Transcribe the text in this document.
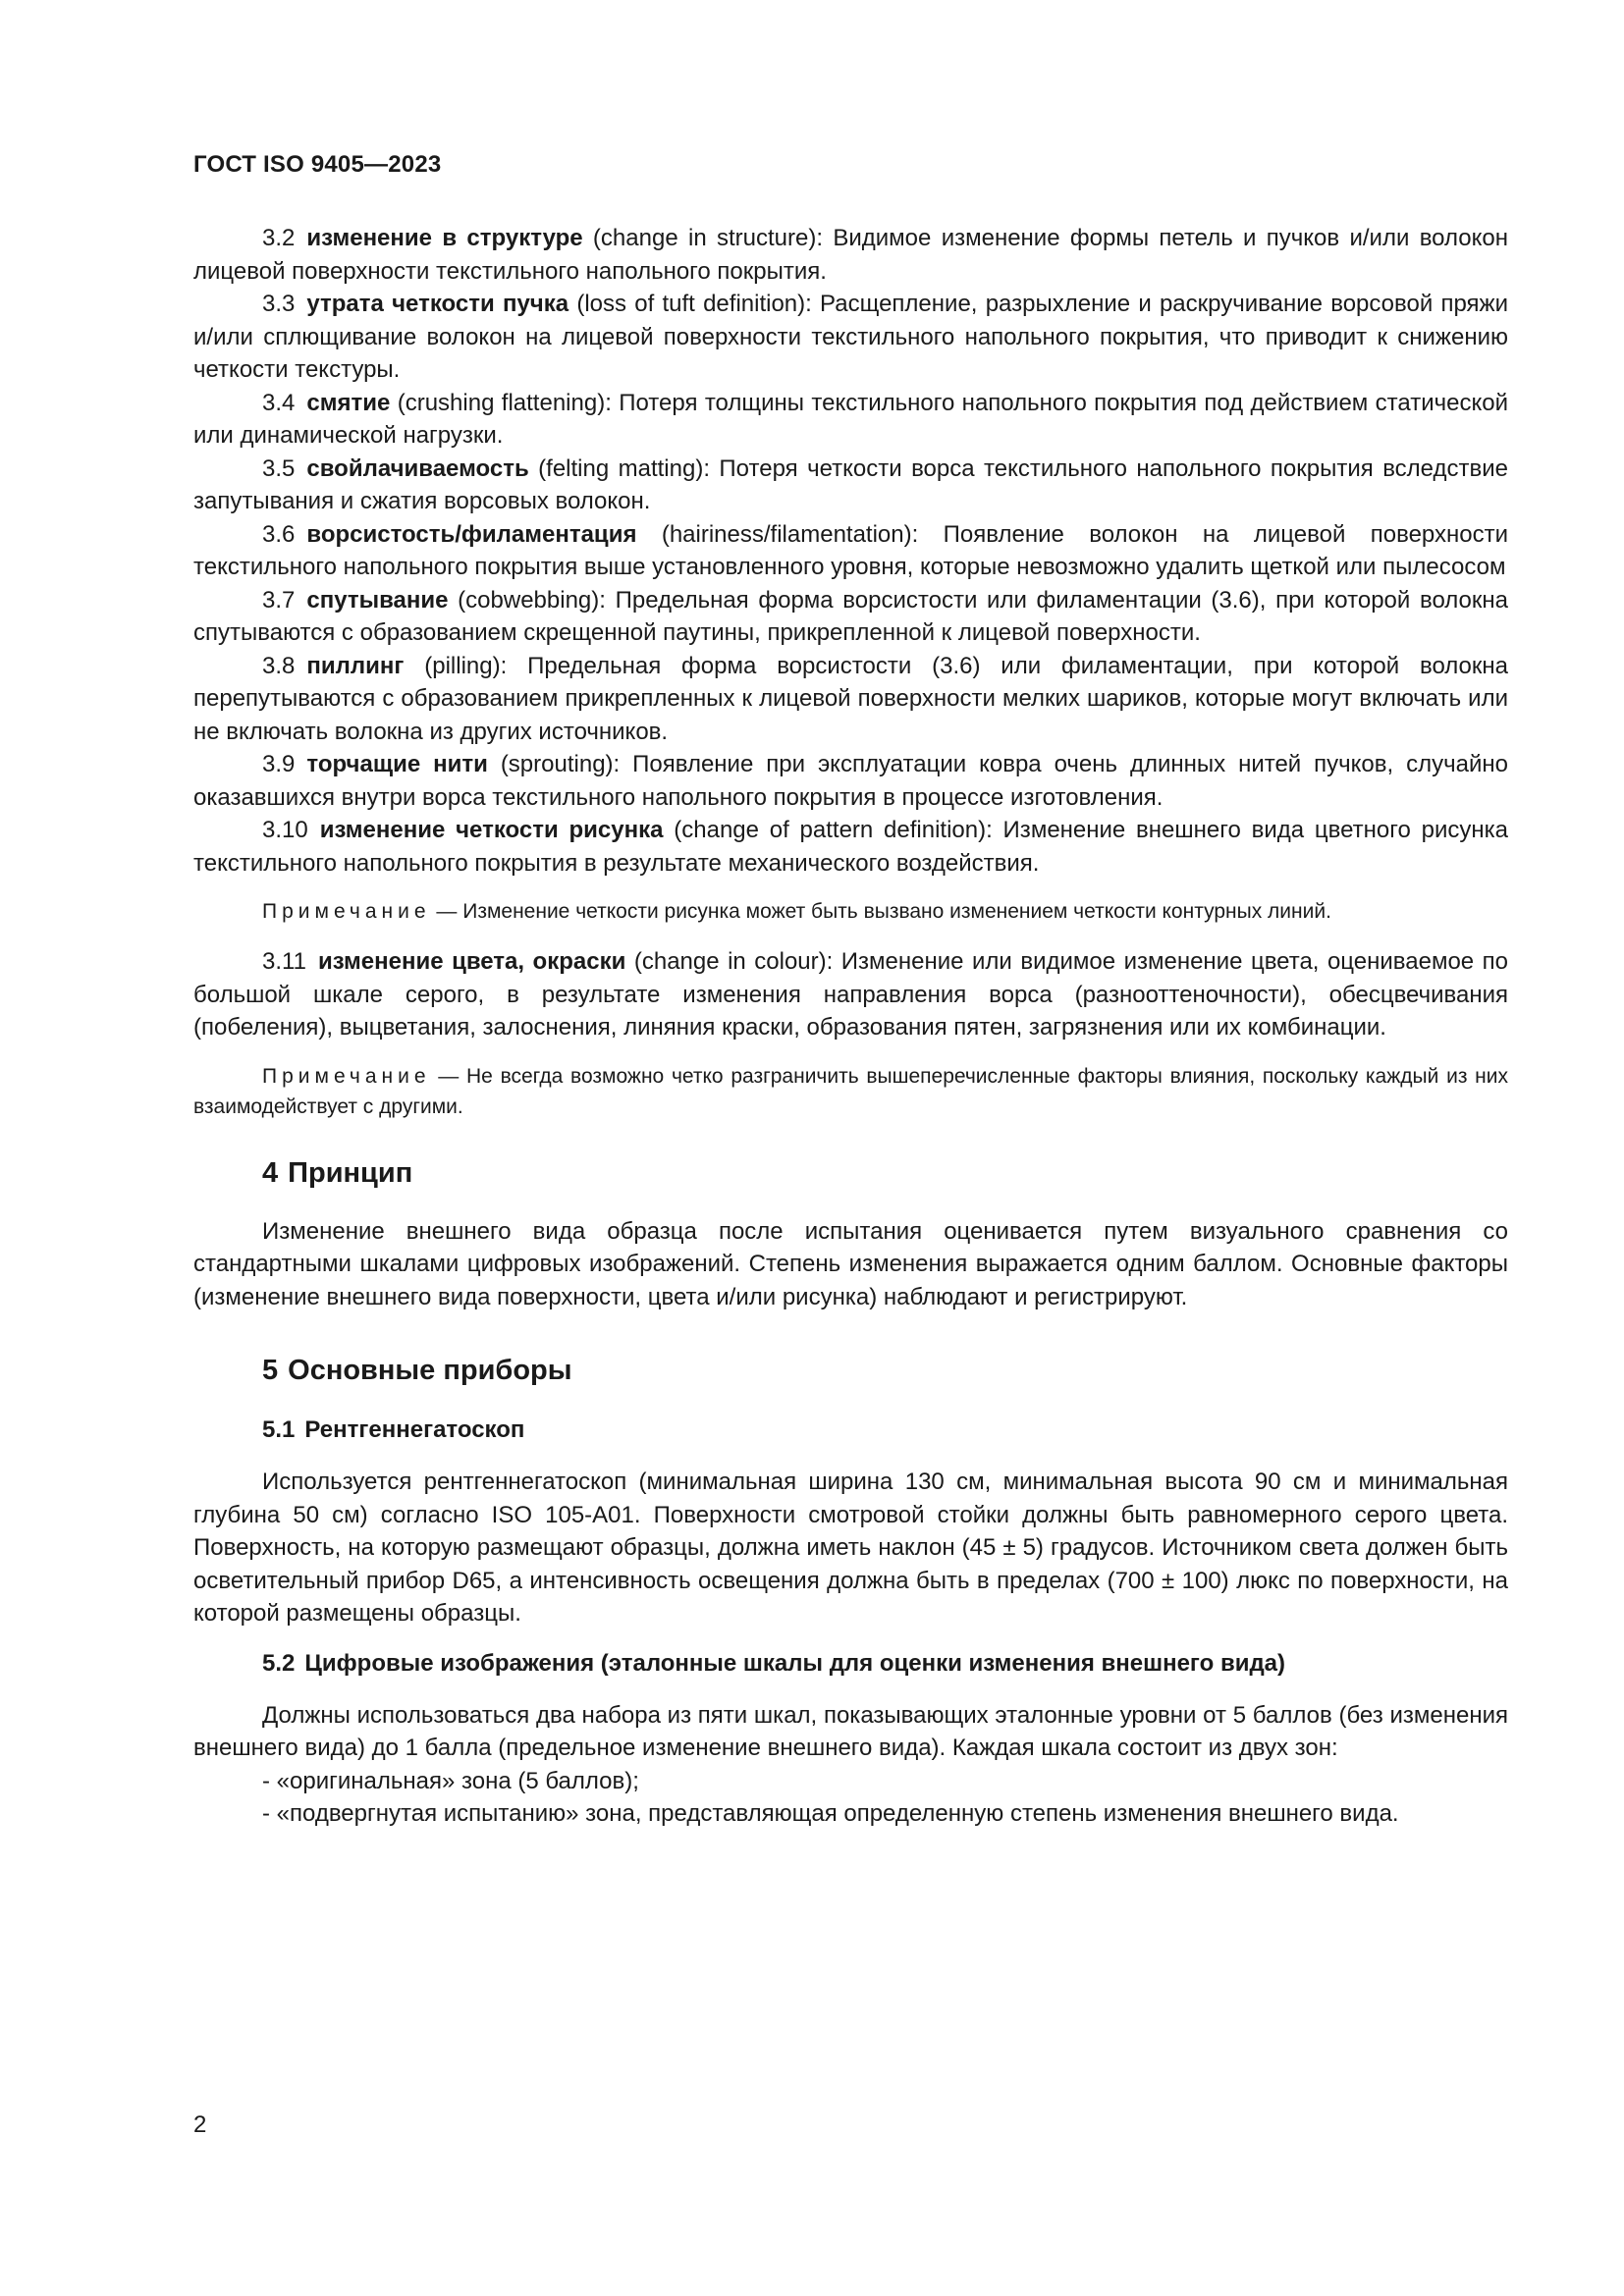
ГОСТ ISO 9405—2023

3.2 изменение в структуре (change in structure): Видимое изменение формы петель и пучков и/или волокон лицевой поверхности текстильного напольного покрытия.

3.3 утрата четкости пучка (loss of tuft definition): Расщепление, разрыхление и раскручивание ворсовой пряжи и/или сплющивание волокон на лицевой поверхности текстильного напольного покрытия, что приводит к снижению четкости текстуры.

3.4 смятие (crushing flattening): Потеря толщины текстильного напольного покрытия под действием статической или динамической нагрузки.

3.5 свойлачиваемость (felting matting): Потеря четкости ворса текстильного напольного покрытия вследствие запутывания и сжатия ворсовых волокон.

3.6 ворсистость/филаментация (hairiness/filamentation): Появление волокон на лицевой поверхности текстильного напольного покрытия выше установленного уровня, которые невозможно удалить щеткой или пылесосом

3.7 спутывание (cobwebbing): Предельная форма ворсистости или филаментации (3.6), при которой волокна спутываются с образованием скрещенной паутины, прикрепленной к лицевой поверхности.

3.8 пиллинг (pilling): Предельная форма ворсистости (3.6) или филаментации, при которой волокна перепутываются с образованием прикрепленных к лицевой поверхности мелких шариков, которые могут включать или не включать волокна из других источников.

3.9 торчащие нити (sprouting): Появление при эксплуатации ковра очень длинных нитей пучков, случайно оказавшихся внутри ворса текстильного напольного покрытия в процессе изготовления.

3.10 изменение четкости рисунка (change of pattern definition): Изменение внешнего вида цветного рисунка текстильного напольного покрытия в результате механического воздействия.

Примечание — Изменение четкости рисунка может быть вызвано изменением четкости контурных линий.

3.11 изменение цвета, окраски (change in colour): Изменение или видимое изменение цвета, оцениваемое по большой шкале серого, в результате изменения направления ворса (разнооттеночности), обесцвечивания (побеления), выцветания, залоснения, линяния краски, образования пятен, загрязнения или их комбинации.

Примечание — Не всегда возможно четко разграничить вышеперечисленные факторы влияния, поскольку каждый из них взаимодействует с другими.

4 Принцип

Изменение внешнего вида образца после испытания оценивается путем визуального сравнения со стандартными шкалами цифровых изображений. Степень изменения выражается одним баллом. Основные факторы (изменение внешнего вида поверхности, цвета и/или рисунка) наблюдают и регистрируют.

5 Основные приборы
5.1 Рентгеннегатоскоп

Используется рентгеннегатоскоп (минимальная ширина 130 см, минимальная высота 90 см и минимальная глубина 50 см) согласно ISO 105-A01. Поверхности смотровой стойки должны быть равномерного серого цвета. Поверхность, на которую размещают образцы, должна иметь наклон (45 ± 5) градусов. Источником света должен быть осветительный прибор D65, а интенсивность освещения должна быть в пределах (700 ± 100) люкс по поверхности, на которой размещены образцы.

5.2 Цифровые изображения (эталонные шкалы для оценки изменения внешнего вида)

Должны использоваться два набора из пяти шкал, показывающих эталонные уровни от 5 баллов (без изменения внешнего вида) до 1 балла (предельное изменение внешнего вида). Каждая шкала состоит из двух зон:

- «оригинальная» зона (5 баллов);

- «подвергнутая испытанию» зона, представляющая определенную степень изменения внешнего вида.

2
